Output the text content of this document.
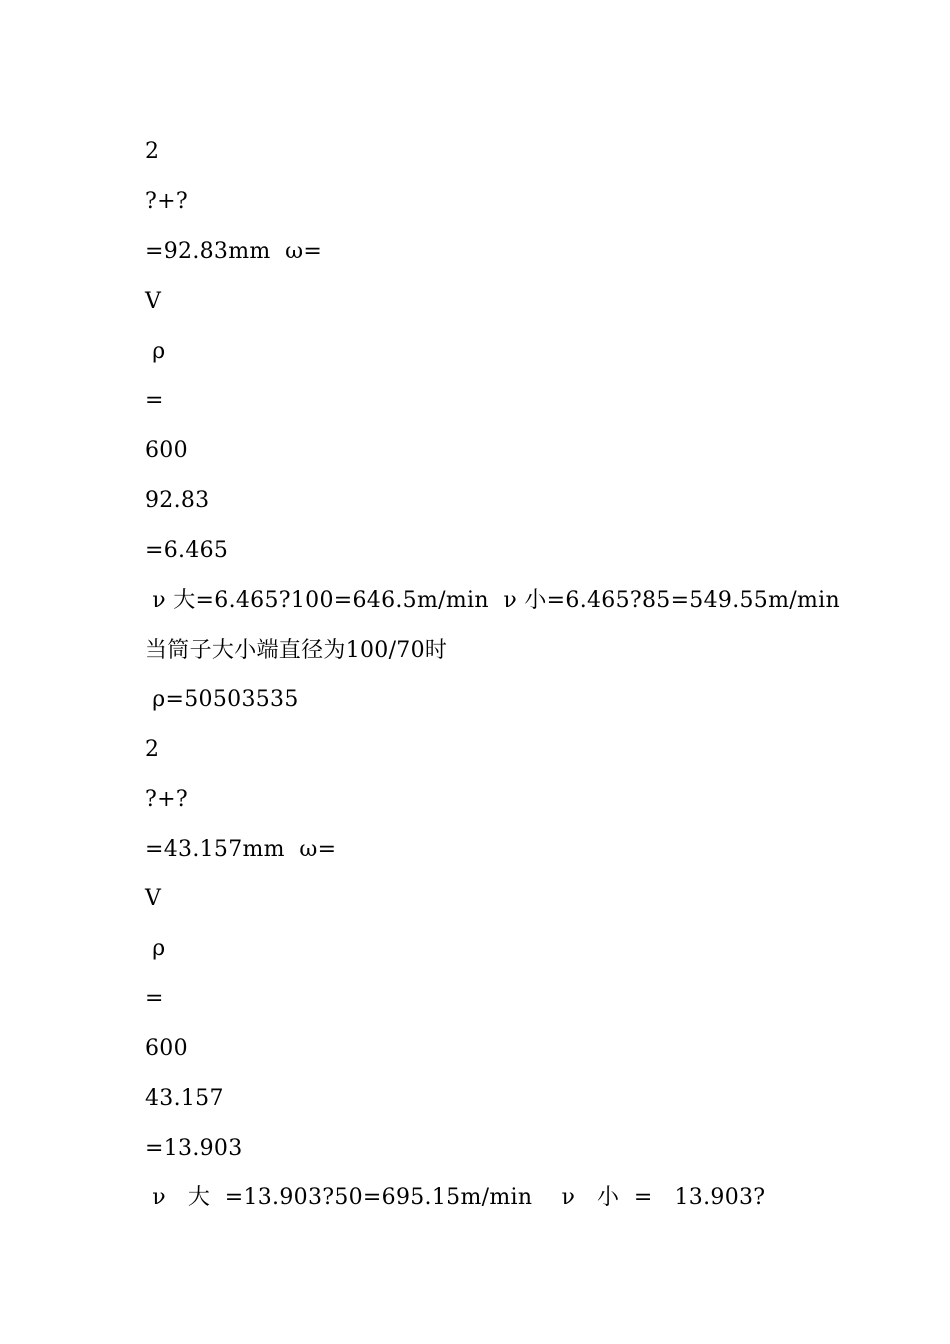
2
?+?
=92.83mm  ω=
V
ρ
=
600
92.83
=6.465
ν 大=6.465?100=646.5m/min  ν 小=6.465?85=549.55m/min
当筒子大小端直径为100/70时
ρ=50503535
2
?+?
=43.157mm  ω=
V
ρ
=
600
43.157
=13.903
ν   大  =13.903?50=695.15m/min    ν   小  =   13.903?
